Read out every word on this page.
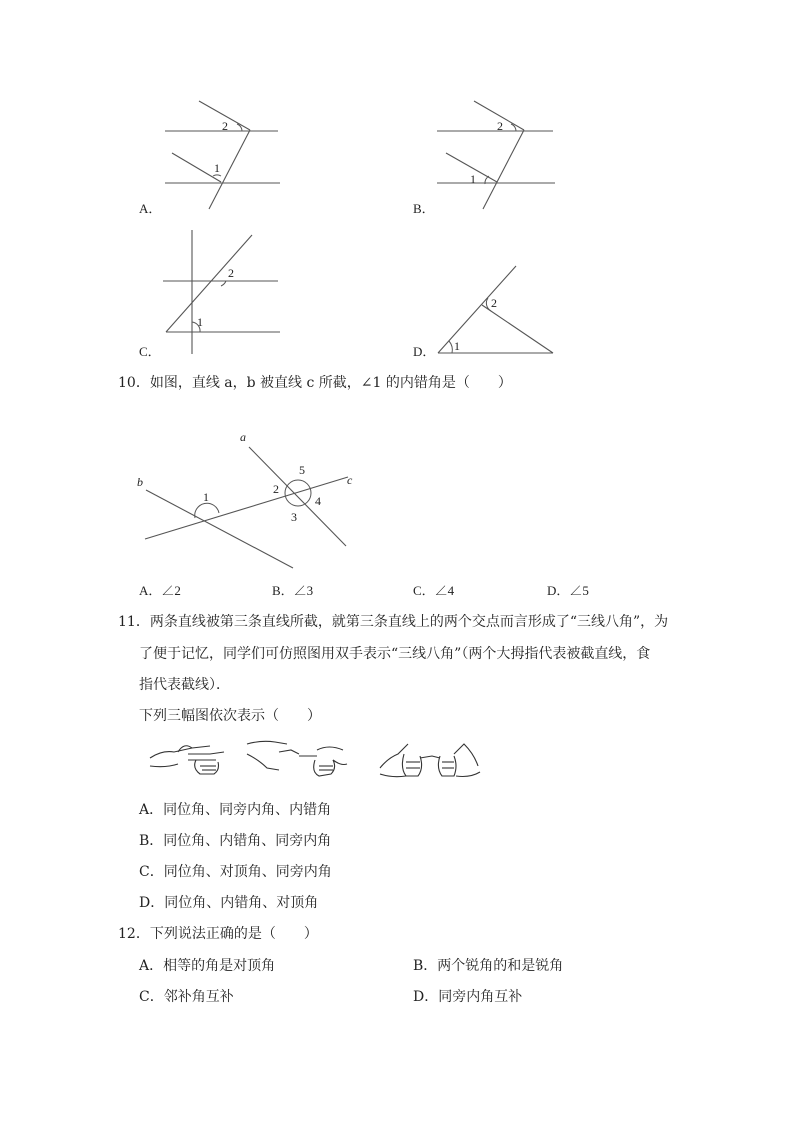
2
1
2
1
2
1
1
2
A．	B．
C．	D．
10．如图，直线 a，b 被直线 c 所截，∠1 的内错角是（　　）
a
b	c
1
2
3
4
5
A．∠2	B．∠3	C．∠4	D．∠5
11．两条直线被第三条直线所截，就第三条直线上的两个交点而言形成了“三线八角”，为
了便于记忆，同学们可仿照图用双手表示“三线八角”（两个大拇指代表被截直线，食
指代表截线）．
下列三幅图依次表示（　　）
A．同位角、同旁内角、内错角
B．同位角、内错角、同旁内角
C．同位角、对顶角、同旁内角
D．同位角、内错角、对顶角
12．下列说法正确的是（　　）
A．相等的角是对顶角	B．两个锐角的和是锐角
C．邻补角互补	D．同旁内角互补
